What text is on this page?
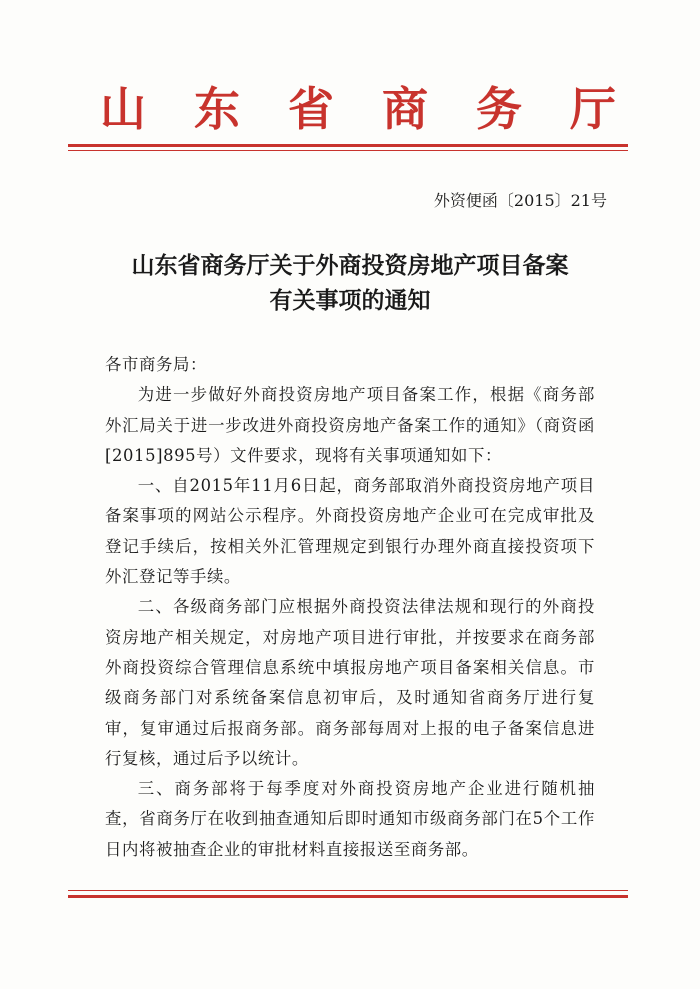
山 东 省 商 务 厅
外资便函〔2015〕21号
山东省商务厅关于外商投资房地产项目备案
有关事项的通知

各市商务局：

为进一步做好外商投资房地产项目备案工作，根据《商务部 外汇局关于进一步改进外商投资房地产备案工作的通知》（商资函[2015]895号）文件要求，现将有关事项通知如下：

一、自2015年11月6日起，商务部取消外商投资房地产项目备案事项的网站公示程序。外商投资房地产企业可在完成审批及登记手续后，按相关外汇管理规定到银行办理外商直接投资项下外汇登记等手续。

二、各级商务部门应根据外商投资法律法规和现行的外商投资房地产相关规定，对房地产项目进行审批，并按要求在商务部外商投资综合管理信息系统中填报房地产项目备案相关信息。市级商务部门对系统备案信息初审后，及时通知省商务厅进行复审，复审通过后报商务部。商务部每周对上报的电子备案信息进行复核，通过后予以统计。

三、商务部将于每季度对外商投资房地产企业进行随机抽查，省商务厅在收到抽查通知后即时通知市级商务部门在5个工作日内将被抽查企业的审批材料直接报送至商务部。
